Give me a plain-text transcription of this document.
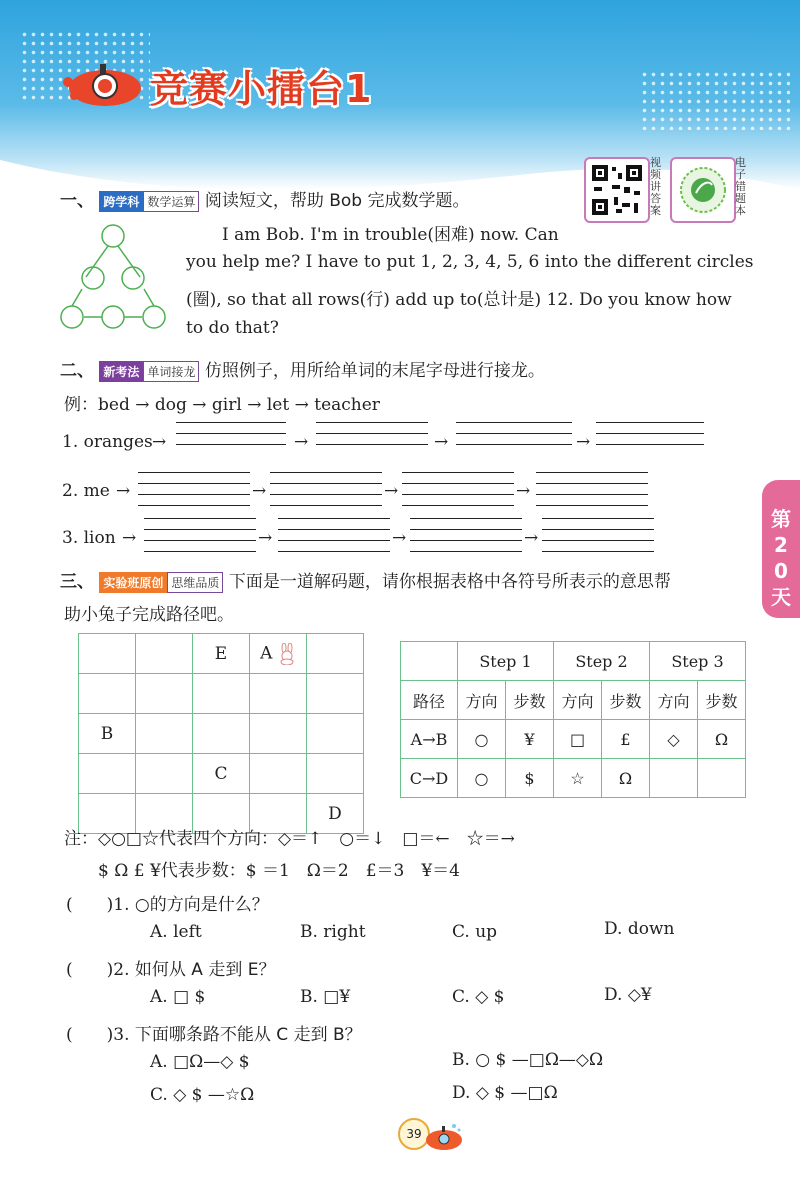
竞赛小擂台1
视频讲答案
电子错题本
第20天
一、 跨学科 数学运算 阅读短文，帮助 Bob 完成数学题。
I am Bob. I'm in trouble(困难) now. Can
you help me? I have to put 1, 2, 3, 4, 5, 6 into the different circles
(圈), so that all rows(行) add up to(总计是) 12. Do you know how
to do that?
二、 新考法 单词接龙 仿照例子，用所给单词的末尾字母进行接龙。
例：bed → dog → girl → let → teacher
1. oranges
2. me
3. lion
→	→	→	→
→	→	→	→
→	→	→	→
三、 实验班原创 思维品质 下面是一道解码题，请你根据表格中各符号所表示的意思帮
助小兔子完成路径吧。
		E	A	

B				
		C		
				D
	Step 1		Step 2		Step 3	
路径	方向	步数	方向	步数	方向	步数
A→B	○	¥	□	£	◇	Ω
C→D	○	$	☆	Ω		
注：◇○□☆代表四个方向：◇＝↑　○＝↓　□＝←　☆＝→
$ Ω £ ¥代表步数：$ ＝1　Ω＝2　£＝3　¥＝4
(　　)1. ○的方向是什么？
A. left	B. right	C. up	D. down
(　　)2. 如何从 A 走到 E？
A. □ $	B. □¥	C. ◇ $	D. ◇¥
(　　)3. 下面哪条路不能从 C 走到 B？
A. □Ω—◇ $	B. ○ $ —□Ω—◇Ω
C. ◇ $ —☆Ω	D. ◇ $ —□Ω
39
